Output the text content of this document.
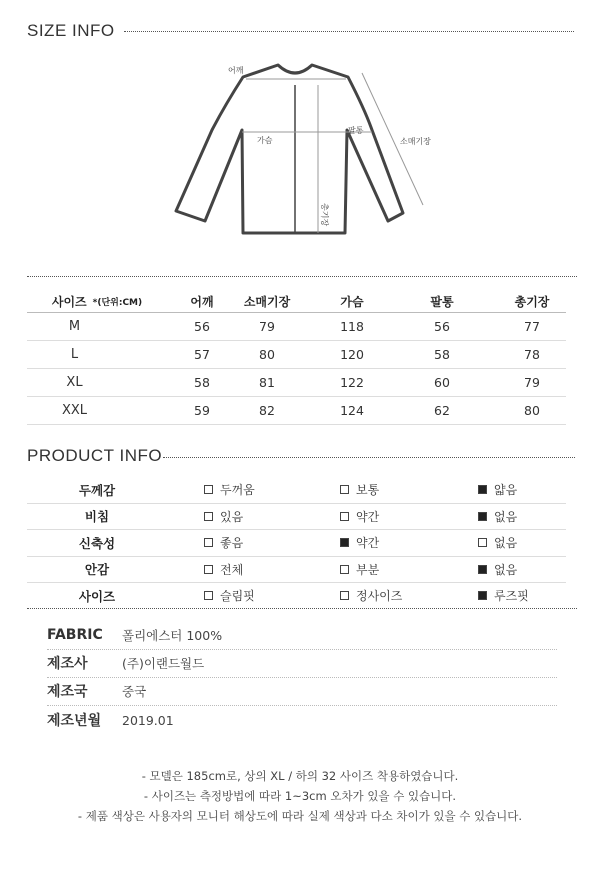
SIZE INFO
어깨
가슴
팔통
소매기장
총기장
사이즈 *(단위:CM)	어깨	소매기장	가슴	팔통	총기장
M	56	79	118	56	77
L	57	80	120	58	78
XL	58	81	122	60	79
XXL	59	82	124	62	80
PRODUCT INFO
두께감	두꺼움	보통	얇음
비침	있음	약간	없음
신축성	좋음	약간	없음
안감	전체	부분	없음
사이즈	슬림핏	정사이즈	루즈핏
FABRIC 폴리에스터 100%
제조사	(주)이랜드월드
제조국	중국
제조년월 2019.01
- 모델은 185cm로, 상의 XL / 하의 32 사이즈 착용하였습니다.
- 사이즈는 측정방법에 따라 1~3cm 오차가 있을 수 있습니다.
- 제품 색상은 사용자의 모니터 해상도에 따라 실제 색상과 다소 차이가 있을 수 있습니다.
